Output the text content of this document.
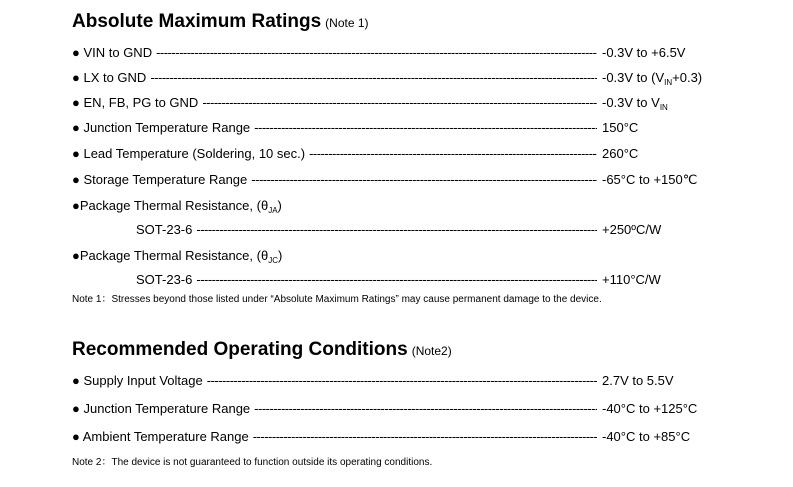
Absolute Maximum Ratings (Note 1)
● VIN to GND -----	-0.3V to +6.5V
● LX to GND -----	-0.3V to $(V_{IN}+0.3)$
● EN, FB, PG to GND -----	-0.3V to $V_{IN}$
● Junction Temperature Range -----	150°C
● Lead Temperature (Soldering, 10 sec.) -----	260°C
● Storage Temperature Range -----	-65°C to +150℃
●Package Thermal Resistance, $(\theta_{JA})$
SOT-23-6 -----	+250ºC/W
●Package Thermal Resistance, $(\theta_{JC})$
SOT-23-6 -----	+110°C/W
Note 1：Stresses beyond those listed under “Absolute Maximum Ratings” may cause permanent damage to the device.
Recommended Operating Conditions (Note2)
● Supply Input Voltage -----	2.7V to 5.5V
● Junction Temperature Range -----	-40°C to +125°C
● Ambient Temperature Range -----	-40°C to +85°C
Note 2：The device is not guaranteed to function outside its operating conditions.
